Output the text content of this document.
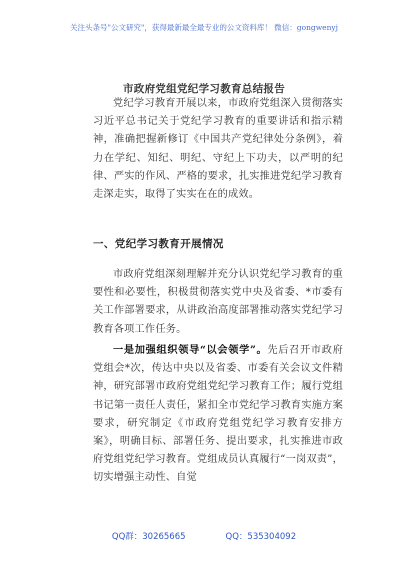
关注头条号"公文研究"，获得最新最全最专业的公文资料库！ 微信：gongwenyj
市政府党组党纪学习教育总结报告

党纪学习教育开展以来，市政府党组深入贯彻落实习近平总书记关于党纪学习教育的重要讲话和指示精神，准确把握新修订《中国共产党纪律处分条例》，着力在学纪、知纪、明纪、守纪上下功夫，以严明的纪律、严实的作风、严格的要求，扎实推进党纪学习教育走深走实，取得了实实在在的成效。

一、党纪学习教育开展情况

市政府党组深刻理解并充分认识党纪学习教育的重要性和必要性，积极贯彻落实党中央及省委、*市委有关工作部署要求，从讲政治高度部署推动落实党纪学习教育各项工作任务。

一是加强组织领导“以会领学”。先后召开市政府党组会*次，传达中央以及省委、市委有关会议文件精神，研究部署市政府党组党纪学习教育工作；履行党组书记第一责任人责任，紧扣全市党纪学习教育实施方案要求，研究制定《市政府党组党纪学习教育安排方案》，明确目标、部署任务、提出要求，扎实推进市政府党组党纪学习教育。党组成员认真履行“一岗双责”，切实增强主动性、自觉

QQ群：30265665	QQ：535304092
